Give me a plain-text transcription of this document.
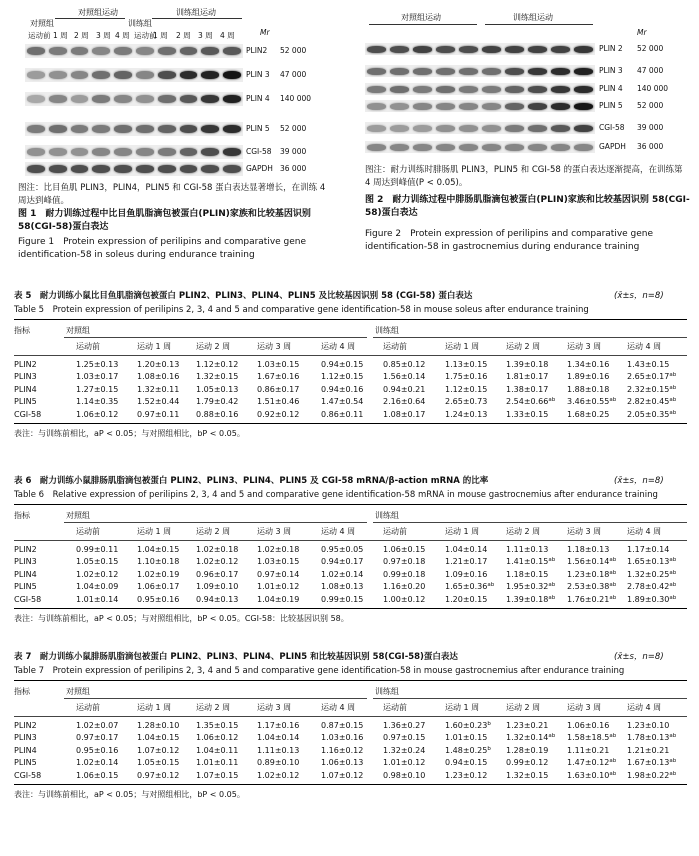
对照组
对照组运动
训练组
训练组运动
Mr
运动前 1 周 2 周 3 周 4 周 运动前
1 周 2 周 3 周 4 周
PLIN2 52 000
PLIN 3 47 000
PLIN 4 140 000
PLIN 5 52 000
CGI-58 39 000
GAPDH 36 000
图注：比目鱼肌 PLIN3，PLIN4，PLIN5 和 CGI-58 蛋白表达显著增长，在训练 4 周达到峰值。
图 1　耐力训练过程中比目鱼肌脂滴包被蛋白(PLIN)家族和比较基因识别 58(CGI-58)蛋白表达
Figure 1　Protein expression of perilipins and comparative gene identification-58 in soleus during endurance training
对照组运动	训练组运动
Mr
PLIN 2 52 000
PLIN 3 47 000
PLIN 4 140 000
PLIN 5 52 000
CGI-58 39 000
GAPDH 36 000
图注：耐力训练时腓肠肌 PLIN3，PLIN5 和 CGI-58 的蛋白表达逐渐提高，在训练第 4 周达到峰值(P < 0.05)。
图 2　耐力训练过程中腓肠肌脂滴包被蛋白(PLIN)家族和比较基因识别 58(CGI-58)蛋白表达
Figure 2　Protein expression of perilipins and comparative gene identification-58 in gastrocnemius during endurance training
表 5　耐力训练小鼠比目鱼肌脂滴包被蛋白 PLIN2、PLIN3、PLIN4、PLIN5 及比较基因识别 58 (CGI-58) 蛋白表达	(x̄±s，n=8)
Table 5　Protein expression of perilipins 2, 3, 4 and 5 and comparative gene identification-58 in mouse soleus after endurance training
指标	对照组	训练组
运动前	运动 1 周	运动 2 周	运动 3 周	运动 4 周	运动前	运动 1 周	运动 2 周	运动 3 周	运动 4 周
PLIN2	1.25±0.13 1.20±0.13 1.12±0.12 1.03±0.15	0.94±0.15 0.85±0.12 1.13±0.15 1.39±0.18 1.34±0.16 1.43±0.15
PLIN3	1.03±0.17 1.08±0.16 1.32±0.15 1.67±0.16	1.12±0.15 1.56±0.14 1.75±0.16 1.81±0.17 1.89±0.16 2.65±0.17$^{ab}$
PLIN4	1.27±0.15 1.32±0.11 1.05±0.13 0.86±0.17	0.94±0.16 0.94±0.21 1.12±0.15 1.38±0.17 1.88±0.18 2.32±0.15$^{ab}$
PLIN5	1.14±0.35 1.52±0.44 1.79±0.42 1.51±0.46	1.47±0.54 2.16±0.64 2.65±0.73 2.54±0.66$^{ab}$ 3.46±0.55$^{ab}$ 2.82±0.45$^{ab}$
CGI-58	1.06±0.12 0.97±0.11 0.88±0.16 0.92±0.12	0.86±0.11 1.08±0.17 1.24±0.13 1.33±0.15 1.68±0.25 2.05±0.35$^{ab}$
表注：与训练前相比，aP < 0.05；与对照组相比，bP < 0.05。
表 6　耐力训练小鼠腓肠肌脂滴包被蛋白 PLIN2、PLIN3、PLIN4、PLIN5 及 CGI-58 mRNA/β-action mRNA 的比率	(x̄±s，n=8)
Table 6　Relative expression of perilipins 2, 3, 4 and 5 and comparative gene identification-58 mRNA in mouse gastrocnemius after endurance training
指标	对照组	训练组
运动前	运动 1 周	运动 2 周	运动 3 周	运动 4 周	运动前	运动 1 周	运动 2 周	运动 3 周	运动 4 周
PLIN2	0.99±0.11 1.04±0.15 1.02±0.18 1.02±0.18	0.95±0.05 1.06±0.15 1.04±0.14 1.11±0.13 1.18±0.13 1.17±0.14
PLIN3	1.05±0.15 1.10±0.18 1.02±0.12 1.03±0.15	0.94±0.17 0.97±0.18 1.21±0.17 1.41±0.15$^{ab}$ 1.56±0.14$^{ab}$ 1.65±0.13$^{ab}$
PLIN4	1.02±0.12 1.02±0.19 0.96±0.17 0.97±0.14	1.02±0.14 0.99±0.18 1.09±0.16 1.18±0.15 1.23±0.18$^{ab}$ 1.32±0.25$^{ab}$
PLIN5	1.04±0.09 1.06±0.17 1.09±0.10 1.01±0.12	1.08±0.13 1.16±0.20 1.65±0.36$^{ab}$ 1.95±0.32$^{ab}$ 2.53±0.38$^{ab}$ 2.78±0.42$^{ab}$
CGI-58	1.01±0.14 0.95±0.16 0.94±0.13 1.04±0.19	0.99±0.15 1.00±0.12 1.20±0.15 1.39±0.18$^{ab}$ 1.76±0.21$^{ab}$ 1.89±0.30$^{ab}$
表注：与训练前相比，aP < 0.05；与对照组相比，bP < 0.05。CGI-58：比较基因识别 58。
表 7　耐力训练小鼠腓肠肌脂滴包被蛋白 PLIN2、PLIN3、PLIN4、PLIN5 和比较基因识别 58(CGI-58)蛋白表达	(x̄±s，n=8)
Table 7　Protein expression of perilipins 2, 3, 4 and 5 and comparative gene identification-58 in mouse gastrocnemius after endurance training
指标	对照组	训练组
运动前	运动 1 周	运动 2 周	运动 3 周	运动 4 周	运动前	运动 1 周	运动 2 周	运动 3 周	运动 4 周
PLIN2	1.02±0.07 1.28±0.10 1.35±0.15 1.17±0.16	0.87±0.15 1.36±0.27 1.60±0.23$^b$ 1.23±0.21 1.06±0.16 1.23±0.10
PLIN3	0.97±0.17 1.04±0.15 1.06±0.12 1.04±0.14	1.03±0.16 0.97±0.15 1.01±0.15 1.32±0.14$^{ab}$ 1.58±18.5$^{ab}$ 1.78±0.13$^{ab}$
PLIN4	0.95±0.16 1.07±0.12 1.04±0.11 1.11±0.13	1.16±0.12 1.32±0.24 1.48±0.25$^b$ 1.28±0.19 1.11±0.21 1.21±0.21
PLIN5	1.02±0.14 1.05±0.15 1.01±0.11 0.89±0.10	1.06±0.13 1.01±0.12 0.94±0.15 0.99±0.12 1.47±0.12$^{ab}$ 1.67±0.13$^{ab}$
CGI-58	1.06±0.15 0.97±0.12 1.07±0.15 1.02±0.12	1.07±0.12 0.98±0.10 1.23±0.12 1.32±0.15 1.63±0.10$^{ab}$ 1.98±0.22$^{ab}$
表注：与训练前相比，aP < 0.05；与对照组相比，bP < 0.05。
